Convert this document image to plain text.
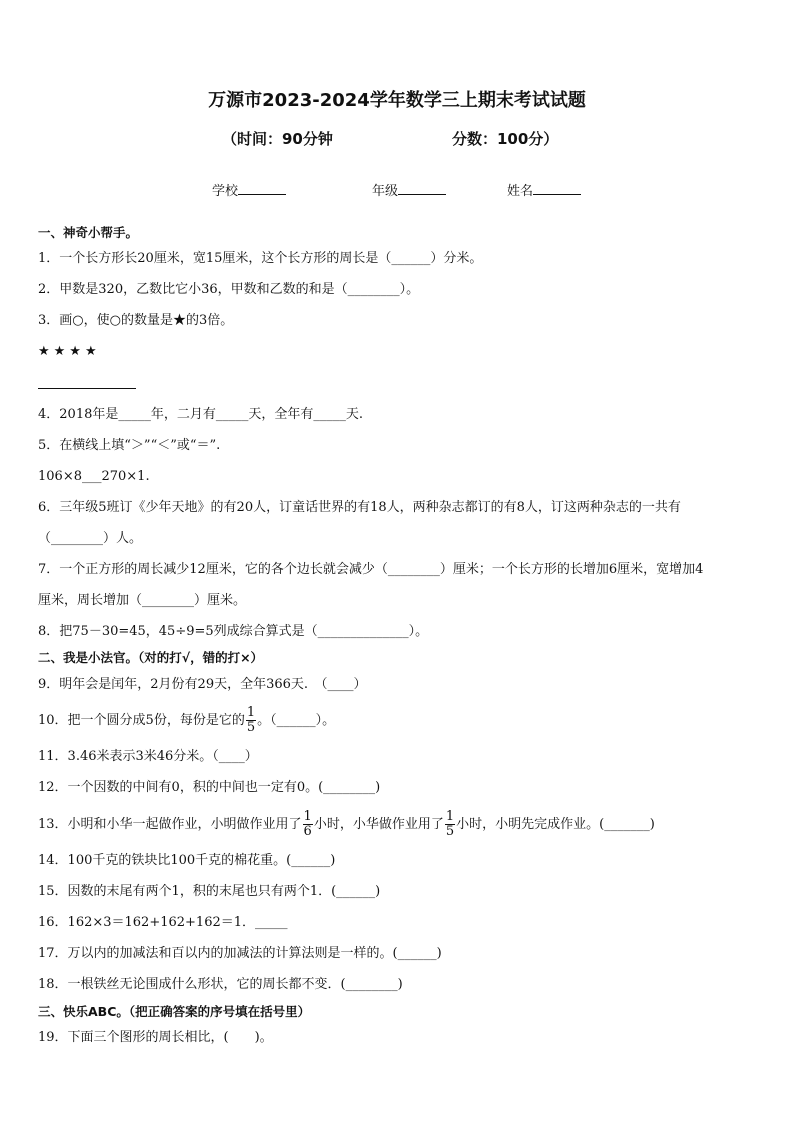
万源市2023-2024学年数学三上期末考试试题
（时间：90分钟	分数：100分）
学校	年级	姓名
一、神奇小帮手。
1．一个长方形长20厘米，宽15厘米，这个长方形的周长是（______）分米。
2．甲数是320，乙数比它小36，甲数和乙数的和是（________）。
3．画○，使○的数量是★的3倍。
★★★★
4．2018年是_____年，二月有_____天，全年有_____天.
5．在横线上填“＞”“＜”或“＝”.
106×8___270×1.
6．三年级5班订《少年天地》的有20人，订童话世界的有18人，两种杂志都订的有8人，订这两种杂志的一共有
（________）人。
7．一个正方形的周长减少12厘米，它的各个边长就会减少（________）厘米；一个长方形的长增加6厘米，宽增加4
厘米，周长增加（________）厘米。
8．把75－30=45，45÷9=5列成综合算式是（______________）。
二、我是小法官。（对的打√，错的打×）
9．明年会是闰年，2月份有29天，全年366天.　（____）
10．把一个圆分成5份，每份是它的 $\frac{1}{5}$ 。（______）。
11．3.46米表示3米46分米。（____）
12．一个因数的中间有0，积的中间也一定有0。(________)
13．小明和小华一起做作业，小明做作业用了 $\frac{1}{6}$ 小时，小华做作业用了 $\frac{1}{5}$ 小时，小明先完成作业。(_______)
14．100千克的铁块比100千克的棉花重。(______)
15．因数的末尾有两个1，积的末尾也只有两个1．(______)
16．162×3＝162+162+162＝1．_____
17．万以内的加减法和百以内的加减法的计算法则是一样的。(______)
18．一根铁丝无论围成什么形状，它的周长都不变．(________)
三、快乐ABC。（把正确答案的序号填在括号里）
19．下面三个图形的周长相比，(　　)。
